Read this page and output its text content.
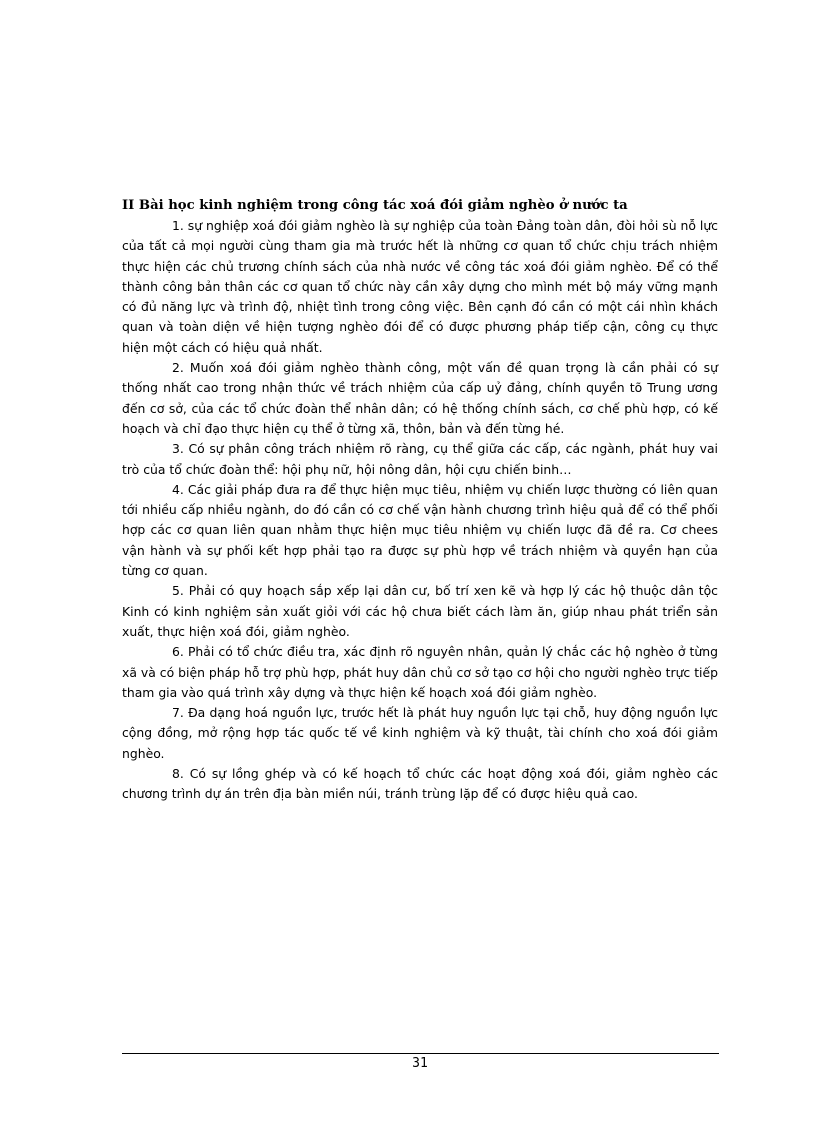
II Bài học kinh nghiệm trong công tác xoá đói giảm nghèo ở nước ta

1. sự nghiệp xoá đói giảm nghèo là sự nghiệp của toàn Đảng toàn dân, đòi hỏi sù nỗ lực của tất cả mọi người cùng tham gia mà trước hết là những cơ quan tổ chức chịu trách nhiệm thực hiện các chủ trương chính sách của nhà nước về công tác xoá đói giảm nghèo. Để có thể thành công bản thân các cơ quan tổ chức này cần xây dựng cho mình mét bộ máy vững mạnh có đủ năng lực và trình độ, nhiệt tình trong công việc. Bên cạnh đó cần có một cái nhìn khách quan và toàn diện về hiện tượng nghèo đói để có được phương pháp tiếp cận, công cụ thực hiện một cách có hiệu quả nhất.

2. Muốn xoá đói giảm nghèo thành công, một vấn đề quan trọng là cần phải có sự thống nhất cao trong nhận thức về trách nhiệm của cấp uỷ đảng, chính quyền tõ Trung ương đến cơ sở, của các tổ chức đoàn thể nhân dân; có hệ thống chính sách, cơ chế phù hợp, có kế hoạch và chỉ đạo thực hiện cụ thể ở từng xã, thôn, bản và đến từng hé.

3. Có sự phân công trách nhiệm rõ ràng, cụ thể giữa các cấp, các ngành, phát huy vai trò của tổ chức đoàn thể: hội phụ nữ, hội nông dân, hội cựu chiến binh…

4. Các giải pháp đưa ra để thực hiện mục tiêu, nhiệm vụ chiến lược thường có liên quan tới nhiều cấp nhiều ngành, do đó cần có cơ chế vận hành chương trình hiệu quả để có thể phối hợp các cơ quan liên quan nhằm thực hiện mục tiêu nhiệm vụ chiến lược đã đề ra. Cơ chees vận hành và sự phối kết hợp phải tạo ra được sự phù hợp về trách nhiệm và quyền hạn của từng cơ quan.

5. Phải có quy hoạch sắp xếp lại dân cư, bố trí xen kẽ và hợp lý các hộ thuộc dân tộc Kinh có kinh nghiệm sản xuất giỏi với các hộ chưa biết cách làm ăn, giúp nhau phát triển sản xuất, thực hiện xoá đói, giảm nghèo.

6. Phải có tổ chức điều tra, xác định rõ nguyên nhân, quản lý chắc các hộ nghèo ở từng xã và có biện pháp hỗ trợ phù hợp, phát huy dân chủ cơ sở tạo cơ hội cho người nghèo trực tiếp tham gia vào quá trình xây dựng và thực hiện kế hoạch xoá đói giảm nghèo.

7. Đa dạng hoá nguồn lực, trước hết là phát huy nguồn lực tại chỗ, huy động nguồn lực cộng đồng, mở rộng hợp tác quốc tế về kinh nghiệm và kỹ thuật, tài chính cho xoá đói giảm nghèo.

8. Có sự lồng ghép và có kế hoạch tổ chức các hoạt động xoá đói, giảm nghèo các chương trình dự án trên địa bàn miền núi, tránh trùng lặp để có được hiệu quả cao.

31
